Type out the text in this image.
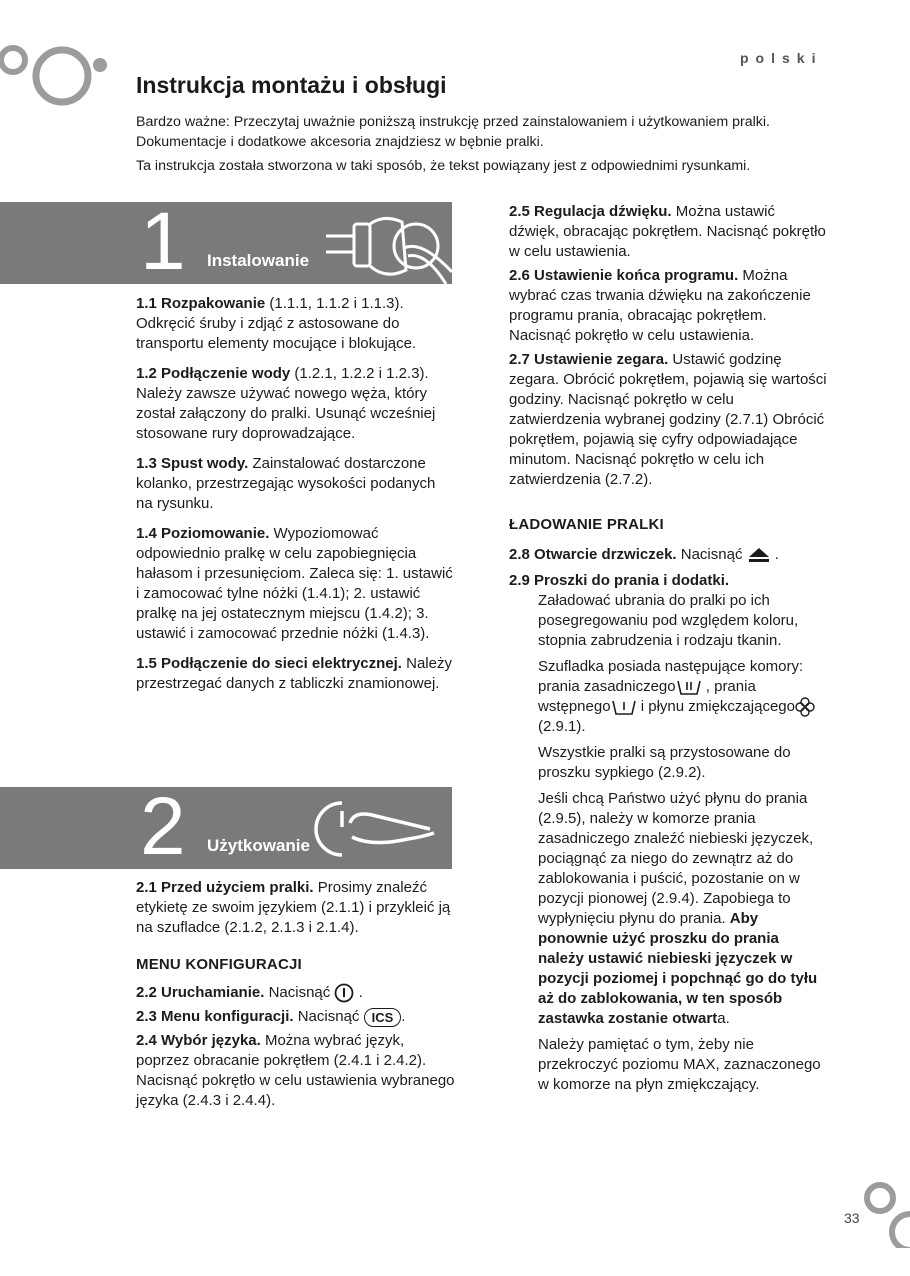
polski
Instrukcja montażu i obsługi

Bardzo ważne: Przeczytaj uważnie poniższą instrukcję przed zainstalowaniem i użytkowaniem pralki.

Dokumentacje i dodatkowe akcesoria znajdziesz w bębnie pralki.

Ta instrukcja została stworzona w taki sposób, że tekst powiązany jest z odpowiednimi rysunkami.

1 Instalowanie

1.1 Rozpakowanie (1.1.1, 1.1.2 i 1.1.3). Odkręcić śruby i zdjąć z astosowane do transportu elementy mocujące i blokujące.

1.2 Podłączenie wody (1.2.1, 1.2.2 i 1.2.3). Należy zawsze używać nowego węża, który został załączony do pralki. Usunąć wcześniej stosowane rury doprowadzające.

1.3 Spust wody. Zainstalować dostarczone kolanko, przestrzegając wysokości podanych na rysunku.

1.4 Poziomowanie. Wypoziomować odpowiednio pralkę w celu zapobiegnięcia hałasom i przesunięciom. Zaleca się: 1. ustawić i zamocować tylne nóżki (1.4.1); 2. ustawić pralkę na jej ostatecznym miejscu (1.4.2); 3. ustawić i zamocować przednie nóżki (1.4.3).

1.5 Podłączenie do sieci elektrycznej. Należy przestrzegać danych z tabliczki znamionowej.

2 Użytkowanie

2.1 Przed użyciem pralki. Prosimy znaleźć etykietę ze swoim językiem (2.1.1) i przykleić ją na szufladce (2.1.2, 2.1.3 i 2.1.4).

MENU KONFIGURACJI

2.2 Uruchamianie. Nacisnąć  .

2.3 Menu konfiguracji. Nacisnąć ICS .

2.4 Wybór języka. Można wybrać język, poprzez obracanie pokrętłem (2.4.1 i 2.4.2). Nacisnąć pokrętło w celu ustawienia wybranego języka (2.4.3 i 2.4.4).

2.5 Regulacja dźwięku. Można ustawić dźwięk, obracając pokrętłem. Nacisnąć pokrętło w celu ustawienia.

2.6 Ustawienie końca programu. Można wybrać czas trwania dźwięku na zakończenie programu prania, obracając pokrętłem. Nacisnąć pokrętło w celu ustawienia.

2.7 Ustawienie zegara. Ustawić godzinę zegara. Obrócić pokrętłem, pojawią się wartości godziny. Nacisnąć pokrętło w celu zatwierdzenia wybranej godziny (2.7.1) Obrócić pokrętłem, pojawią się cyfry odpowiadające minutom. Nacisnąć pokrętło w celu ich zatwierdzenia (2.7.2).

ŁADOWANIE PRALKI

2.8 Otwarcie drzwiczek. Nacisnąć  .

2.9 Proszki do prania i dodatki.
Załadować ubrania do pralki po ich posegregowaniu pod względem koloru, stopnia zabrudzenia i rodzaju tkanin.

Szufladka posiada następujące komory: prania zasadniczego , prania wstępnego i płynu zmiękczającego (2.9.1).

Wszystkie pralki są przystosowane do proszku sypkiego (2.9.2).

Jeśli chcą Państwo użyć płynu do prania (2.9.5), należy w komorze prania zasadniczego znaleźć niebieski języczek, pociągnąć za niego do zewnątrz aż do zablokowania i puścić, pozostanie on w pozycji pionowej (2.9.4). Zapobiega to wypłynięciu płynu do prania. Aby ponownie użyć proszku do prania należy ustawić niebieski języczek w pozycji poziomej i popchnąć go do tyłu aż do zablokowania, w ten sposób zastawka zostanie otwarta.

Należy pamiętać o tym, żeby nie przekroczyć poziomu MAX, zaznaczonego w komorze na płyn zmiękczający.

33
